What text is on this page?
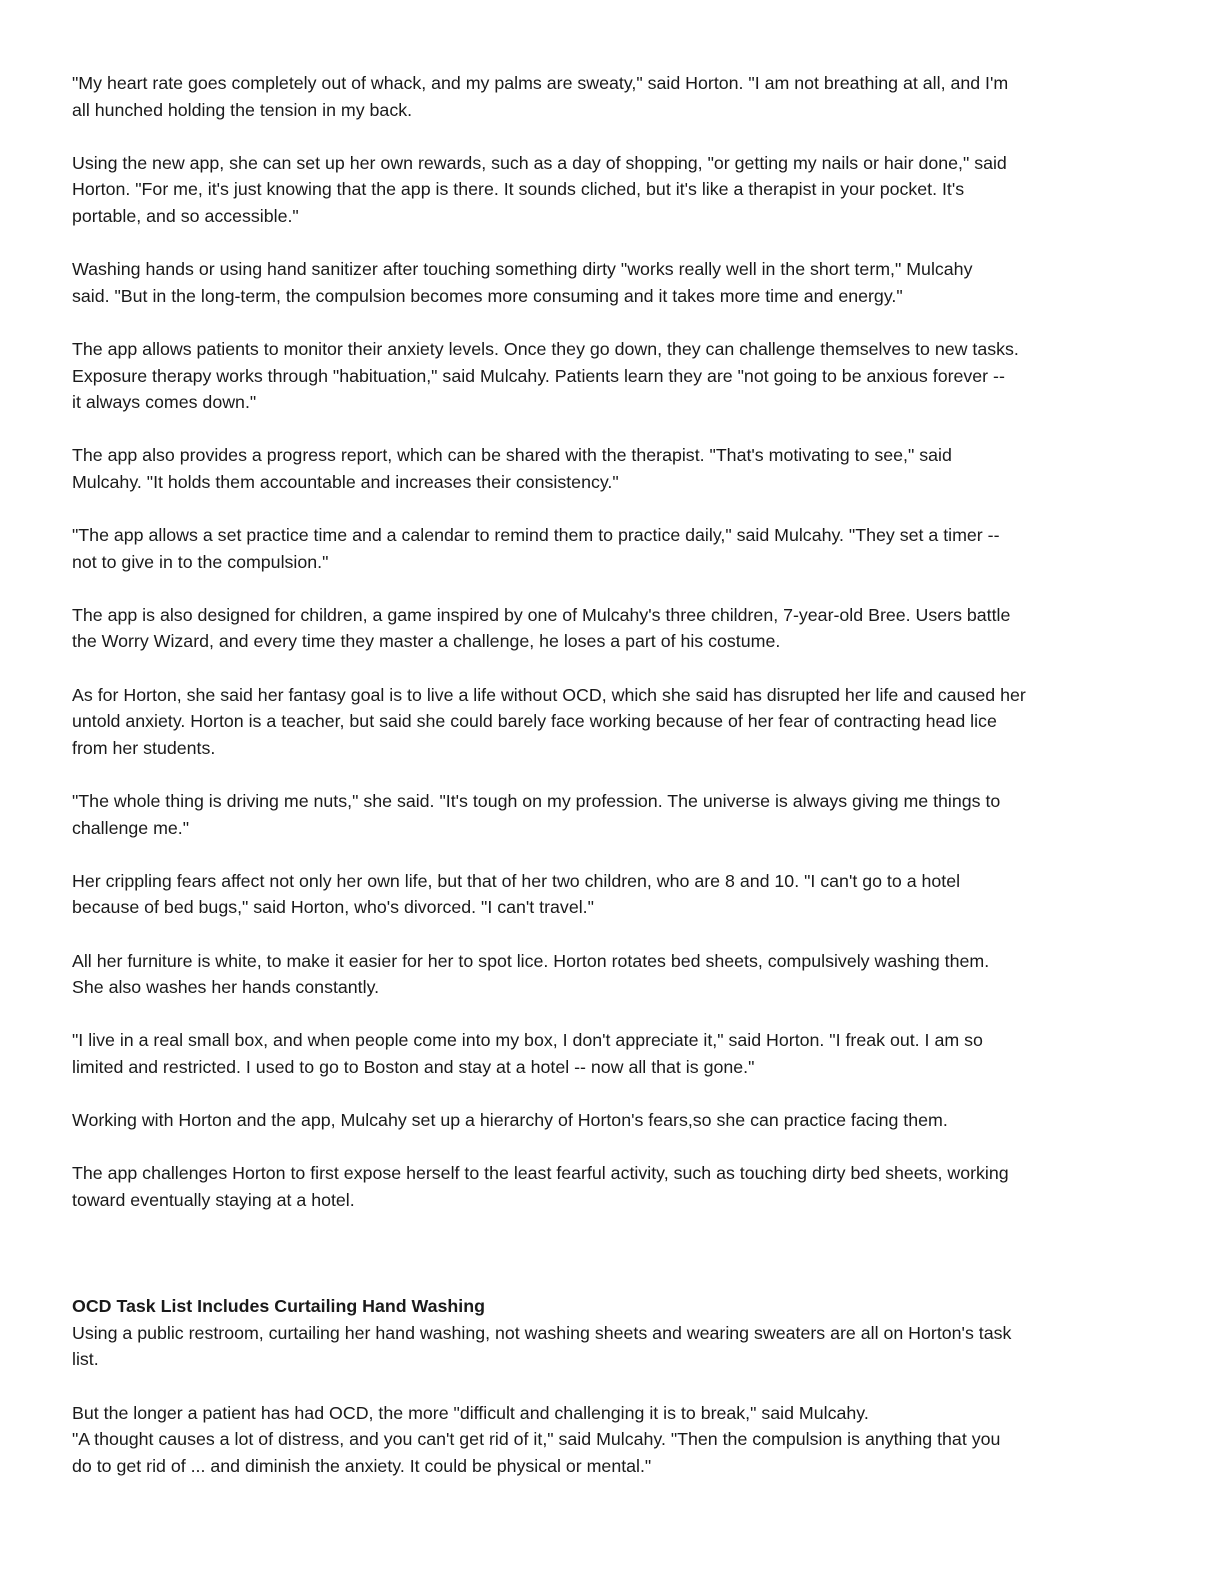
"My heart rate goes completely out of whack, and my palms are sweaty," said Horton. "I am not breathing at all, and I'm
all hunched holding the tension in my back.

Using the new app, she can set up her own rewards, such as a day of shopping, "or getting my nails or hair done," said
Horton. "For me, it's just knowing that the app is there. It sounds cliched, but it's like a therapist in your pocket. It's
portable, and so accessible."

Washing hands or using hand sanitizer after touching something dirty "works really well in the short term," Mulcahy
said. "But in the long-term, the compulsion becomes more consuming and it takes more time and energy."

The app allows patients to monitor their anxiety levels. Once they go down, they can challenge themselves to new tasks.
Exposure therapy works through "habituation," said Mulcahy. Patients learn they are "not going to be anxious forever --
it always comes down."

The app also provides a progress report, which can be shared with the therapist. "That's motivating to see," said
Mulcahy. "It holds them accountable and increases their consistency."

"The app allows a set practice time and a calendar to remind them to practice daily," said Mulcahy. "They set a timer --
not to give in to the compulsion."

The app is also designed for children, a game inspired by one of Mulcahy's three children, 7-year-old Bree. Users battle
the Worry Wizard, and every time they master a challenge, he loses a part of his costume.

As for Horton, she said her fantasy goal is to live a life without OCD, which she said has disrupted her life and caused her
untold anxiety. Horton is a teacher, but said she could barely face working because of her fear of contracting head lice
from her students.

"The whole thing is driving me nuts," she said. "It's tough on my profession. The universe is always giving me things to
challenge me."

Her crippling fears affect not only her own life, but that of her two children, who are 8 and 10. "I can't go to a hotel
because of bed bugs," said Horton, who's divorced. "I can't travel."

All her furniture is white, to make it easier for her to spot lice. Horton rotates bed sheets, compulsively washing them.
She also washes her hands constantly.

"I live in a real small box, and when people come into my box, I don't appreciate it," said Horton. "I freak out. I am so
limited and restricted. I used to go to Boston and stay at a hotel -- now all that is gone."

Working with Horton and the app, Mulcahy set up a hierarchy of Horton's fears,so she can practice facing them.

The app challenges Horton to first expose herself to the least fearful activity, such as touching dirty bed sheets, working
toward eventually staying at a hotel.

OCD Task List Includes Curtailing Hand Washing

Using a public restroom, curtailing her hand washing, not washing sheets and wearing sweaters are all on Horton's task
list.

But the longer a patient has had OCD, the more "difficult and challenging it is to break," said Mulcahy.

"A thought causes a lot of distress, and you can't get rid of it," said Mulcahy. "Then the compulsion is anything that you
do to get rid of ... and diminish the anxiety. It could be physical or mental."
